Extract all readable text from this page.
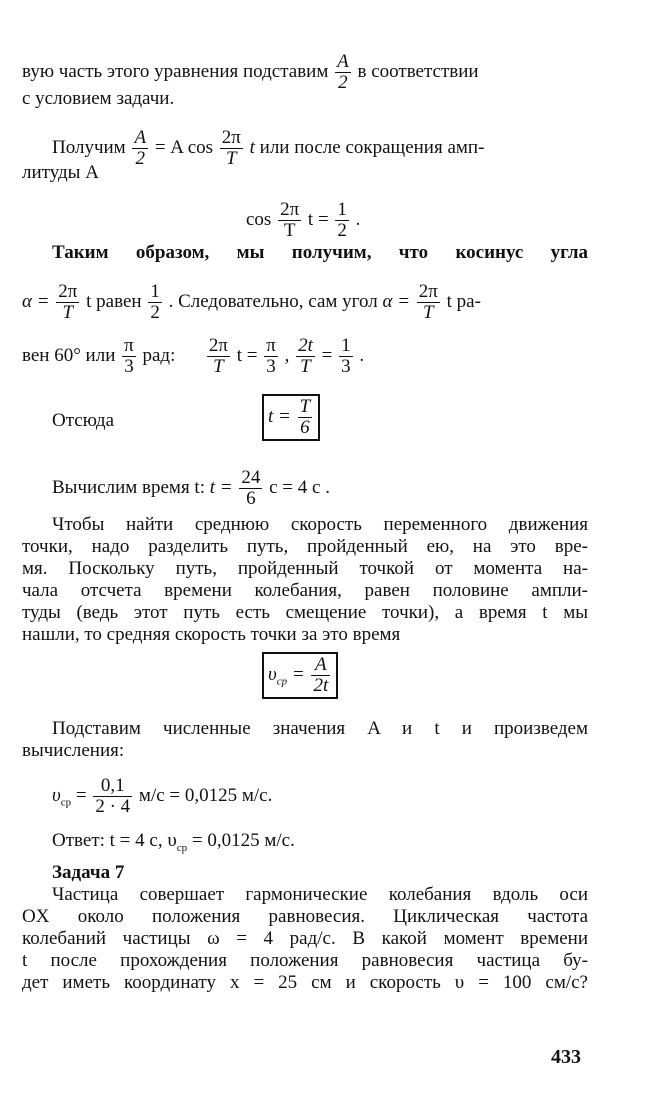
вую часть этого уравнения подставим $\frac{A}{2}$ в соответствии
с условием задачи.
Получим $\frac{A}{2} = A$ $\cos \frac{2\pi}{T}$ t или после сокращения амп-
литуды A
$\cos \frac{2\pi}{T}$ $t = \frac{1}{2}$ .
Таким образом, мы получим, что косинус угла
$\alpha = \frac{2\pi}{T}$ t равен $\frac{1}{2}$ . Следовательно, сам угол $\alpha = \frac{2\pi}{T}$ t ра-
вен 60° или $\frac{\pi}{3}$ рад: $\frac{2\pi}{T}$ $t = \frac{\pi}{3}$ , $\frac{2t}{T} = \frac{1}{3}$ .
Отсюда	$t = \frac{T}{6}$
Вычислим время t: $t = \frac{24}{6}$ с = 4 с .
Чтобы найти среднюю скорость переменного движения
точки, надо разделить путь, пройденный ею, на это вре-
мя. Поскольку путь, пройденный точкой от момента на-
чала отсчета времени колебания, равен половине ампли-
туды (ведь этот путь есть смещение точки), а время t мы
нашли, то средняя скорость точки за это время
$\upsilon_{ср} = \frac{A}{2t}$
Подставим численные значения A и t и произведем
вычисления:
$\upsilon_{ср} = \frac{0,1}{2 \cdot 4} м/с = 0,0125$ м/с.
Ответ: t = 4 с, $\upsilon_{ср} = 0,0125$ м/с.
Задача 7
Частица совершает гармонические колебания вдоль оси
OX около положения равновесия. Циклическая частота
колебаний частицы ω = 4 рад/с. В какой момент времени
t после прохождения положения равновесия частица бу-
дет иметь координату x = 25 см и скорость υ = 100 см/с?
433
